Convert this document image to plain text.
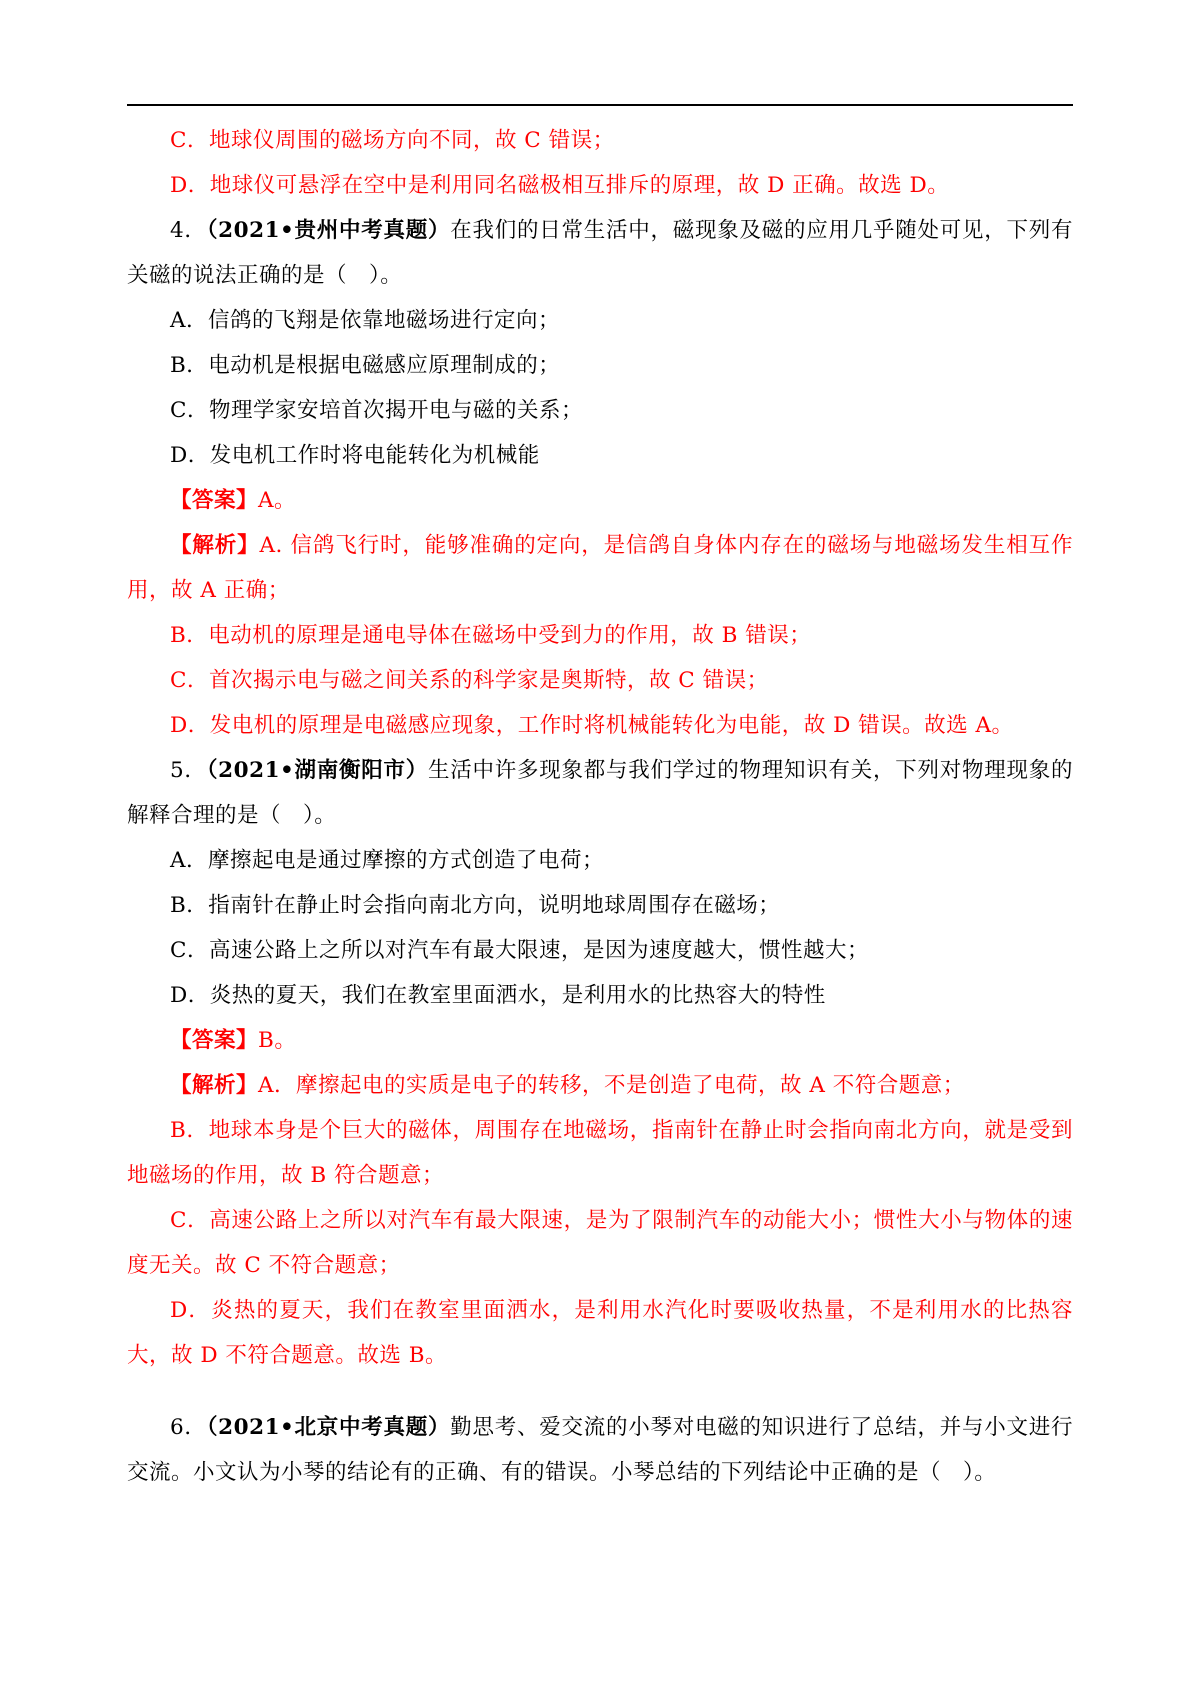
C．地球仪周围的磁场方向不同，故 C 错误；

D．地球仪可悬浮在空中是利用同名磁极相互排斥的原理，故 D 正确。故选 D。

4．（2021•贵州中考真题）在我们的日常生活中，磁现象及磁的应用几乎随处可见，下列有关磁的说法正确的是（　）。

A．信鸽的飞翔是依靠地磁场进行定向；

B．电动机是根据电磁感应原理制成的；

C．物理学家安培首次揭开电与磁的关系；

D．发电机工作时将电能转化为机械能

【答案】A。

【解析】A. 信鸽飞行时，能够准确的定向，是信鸽自身体内存在的磁场与地磁场发生相互作用，故 A 正确；

B．电动机的原理是通电导体在磁场中受到力的作用，故 B 错误；

C．首次揭示电与磁之间关系的科学家是奥斯特，故 C 错误；

D．发电机的原理是电磁感应现象，工作时将机械能转化为电能，故 D 错误。故选 A。

5．（2021•湖南衡阳市）生活中许多现象都与我们学过的物理知识有关，下列对物理现象的解释合理的是（　）。

A．摩擦起电是通过摩擦的方式创造了电荷；

B．指南针在静止时会指向南北方向，说明地球周围存在磁场；

C．高速公路上之所以对汽车有最大限速，是因为速度越大，惯性越大；

D．炎热的夏天，我们在教室里面洒水，是利用水的比热容大的特性

【答案】B。

【解析】A．摩擦起电的实质是电子的转移，不是创造了电荷，故 A 不符合题意；

B．地球本身是个巨大的磁体，周围存在地磁场，指南针在静止时会指向南北方向，就是受到地磁场的作用，故 B 符合题意；

C．高速公路上之所以对汽车有最大限速，是为了限制汽车的动能大小；惯性大小与物体的速度无关。故 C 不符合题意；

D．炎热的夏天，我们在教室里面洒水，是利用水汽化时要吸收热量，不是利用水的比热容大，故 D 不符合题意。故选 B。

6．（2021•北京中考真题）勤思考、爱交流的小琴对电磁的知识进行了总结，并与小文进行交流。小文认为小琴的结论有的正确、有的错误。小琴总结的下列结论中正确的是（　）。
